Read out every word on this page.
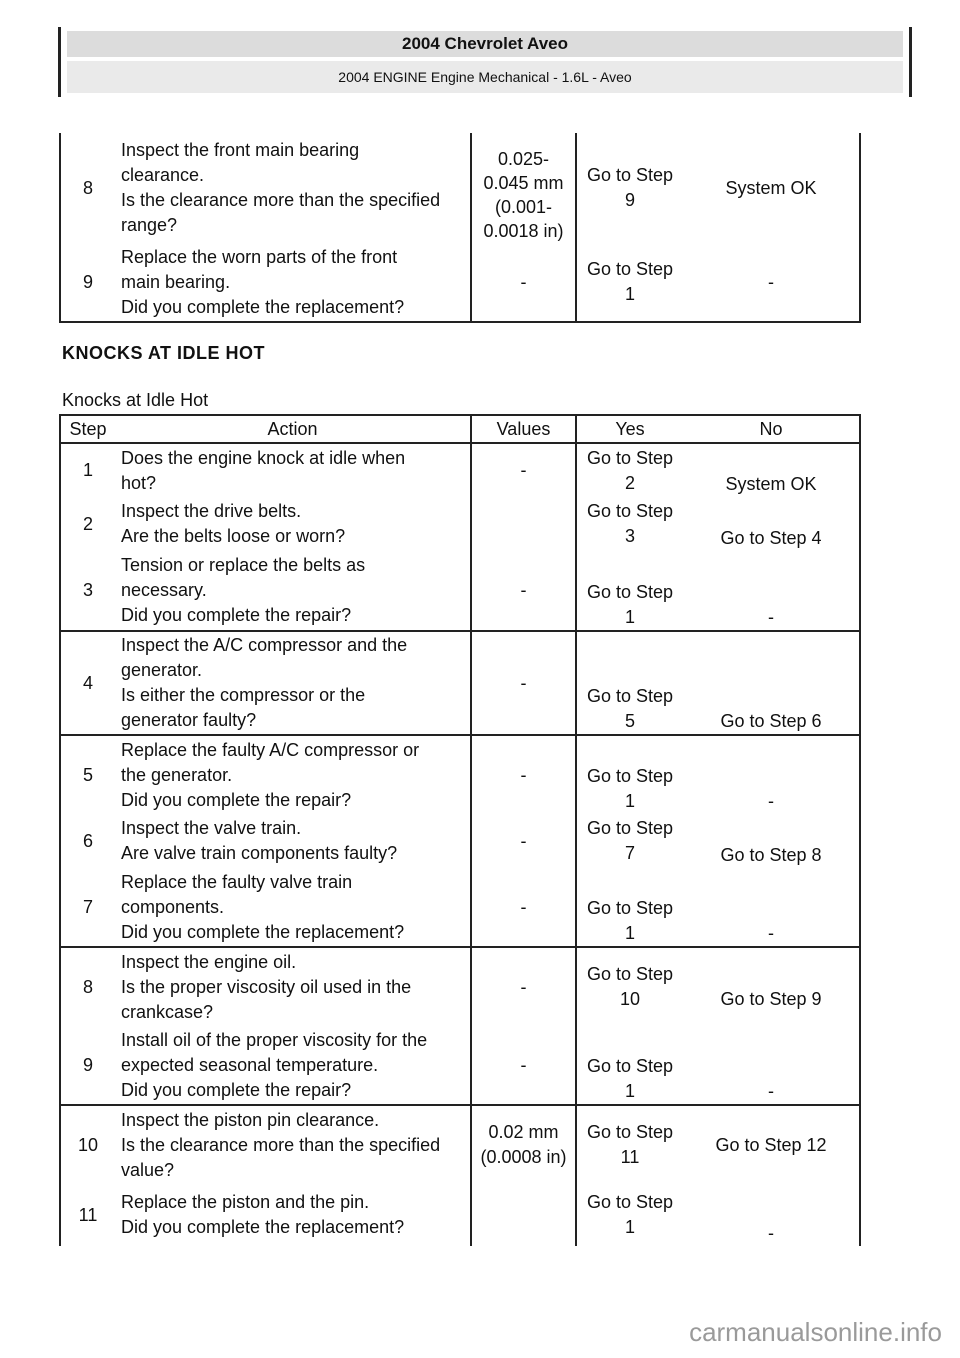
2004 Chevrolet Aveo
2004 ENGINE Engine Mechanical - 1.6L - Aveo
8	Inspect the front main bearing
clearance.
Is the clearance more than the specified
range?	0.025-0.045 mm (0.001-0.0018 in)	Go to Step 9	System OK
9	Replace the worn parts of the front
main bearing.
Did you complete the replacement?	-	Go to Step 1	-
KNOCKS AT IDLE HOT
Knocks at Idle Hot
Step	Action	Values	Yes	No
1	Does the engine knock at idle when
hot?	-	Go to Step 2	System OK
2	Inspect the drive belts.
Are the belts loose or worn?		Go to Step 3	Go to Step 4
3	Tension or replace the belts as
necessary.
Did you complete the repair?	-	Go to Step 1	-
4	Inspect the A/C compressor and the
generator.
Is either the compressor or the
generator faulty?	-	Go to Step 5	Go to Step 6
5	Replace the faulty A/C compressor or
the generator.
Did you complete the repair?	-	Go to Step 1	-
6	Inspect the valve train.
Are valve train components faulty?	-	Go to Step 7	Go to Step 8
7	Replace the faulty valve train
components.
Did you complete the replacement?	-	Go to Step 1	-
8	Inspect the engine oil.
Is the proper viscosity oil used in the
crankcase?	-	Go to Step 10	Go to Step 9
9	Install oil of the proper viscosity for the
expected seasonal temperature.
Did you complete the repair?	-	Go to Step 1	-
10	Inspect the piston pin clearance.
Is the clearance more than the specified
value?	0.02 mm (0.0008 in)	Go to Step 11	Go to Step 12
11	Replace the piston and the pin.
Did you complete the replacement?		Go to Step 1	-
carmanualsonline.info
